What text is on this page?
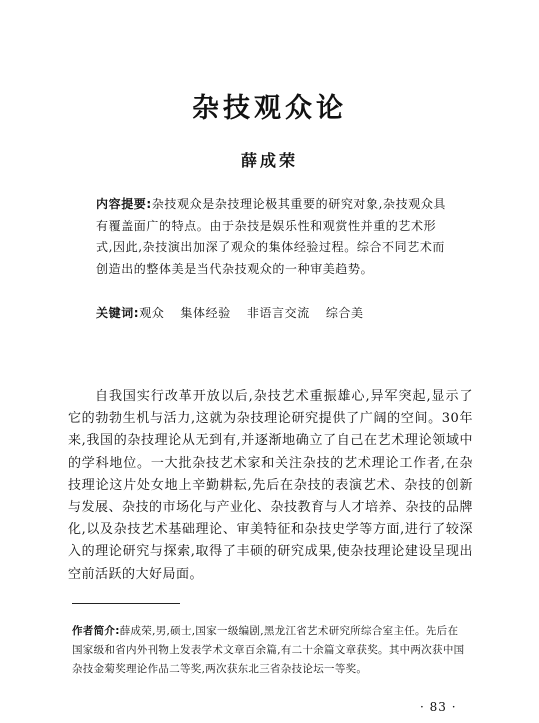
杂技观众论
薛成荣
内容提要:杂技观众是杂技理论极其重要的研究对象,杂技观众具有覆盖面广的特点。由于杂技是娱乐性和观赏性并重的艺术形式,因此,杂技演出加深了观众的集体经验过程。综合不同艺术而创造出的整体美是当代杂技观众的一种审美趋势。
关键词:观众 集体经验 非语言交流 综合美

自我国实行改革开放以后,杂技艺术重振雄心,异军突起,显示了它的勃勃生机与活力,这就为杂技理论研究提供了广阔的空间。30年来,我国的杂技理论从无到有,并逐渐地确立了自己在艺术理论领域中的学科地位。一大批杂技艺术家和关注杂技的艺术理论工作者,在杂技理论这片处女地上辛勤耕耘,先后在杂技的表演艺术、杂技的创新与发展、杂技的市场化与产业化、杂技教育与人才培养、杂技的品牌化,以及杂技艺术基础理论、审美特征和杂技史学等方面,进行了较深入的理论研究与探索,取得了丰硕的研究成果,使杂技理论建设呈现出空前活跃的大好局面。

作者简介:薛成荣,男,硕士,国家一级编剧,黑龙江省艺术研究所综合室主任。先后在国家级和省内外刊物上发表学术文章百余篇,有二十余篇文章获奖。其中两次获中国杂技金菊奖理论作品二等奖,两次获东北三省杂技论坛一等奖。
· 83 ·
